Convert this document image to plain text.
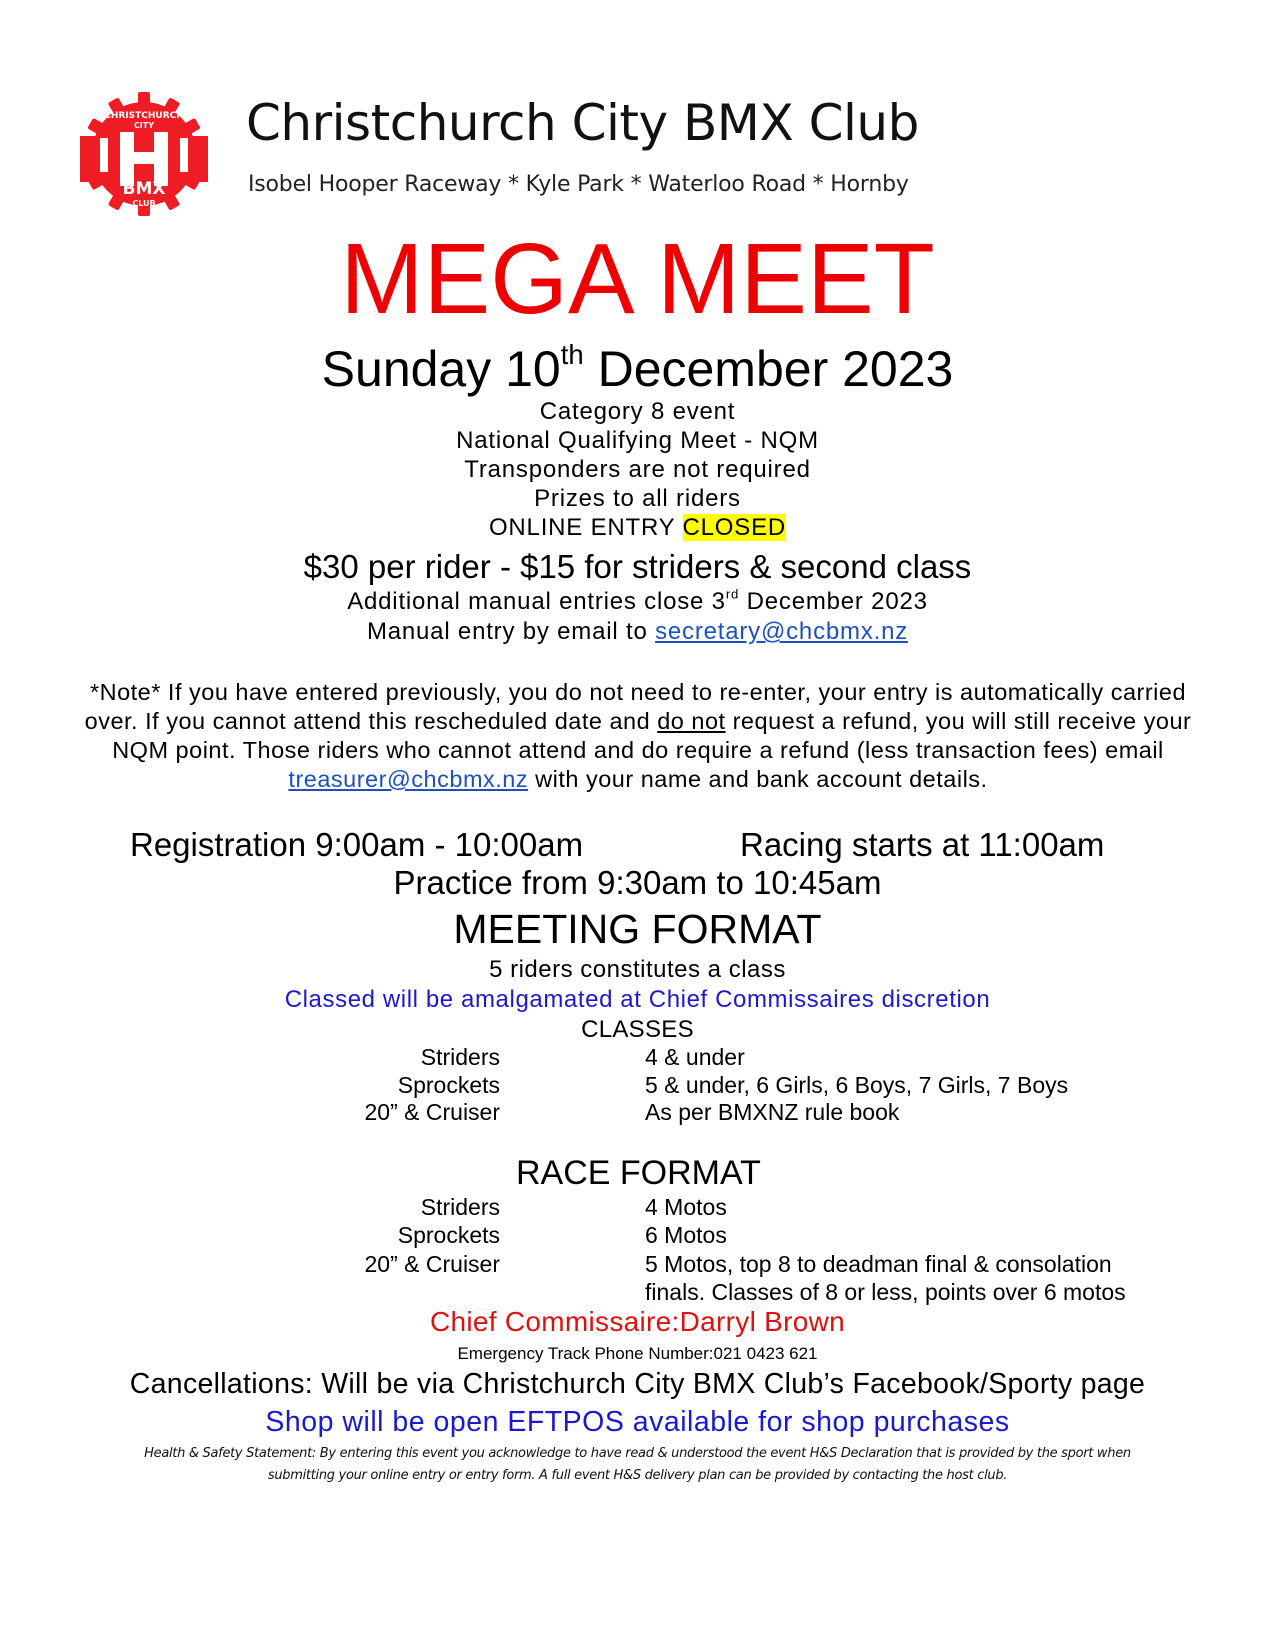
CHRISTCHURCH
CITY
BMX
CLUB
Christchurch City BMX Club
Isobel Hooper Raceway * Kyle Park * Waterloo Road * Hornby
MEGA MEET
Sunday 10th December 2023
Category 8 event
National Qualifying Meet - NQM
Transponders are not required
Prizes to all riders
ONLINE ENTRY CLOSED
$30 per rider - $15 for striders & second class
Additional manual entries close 3rd December 2023
Manual entry by email to secretary@chcbmx.nz
*Note* If you have entered previously, you do not need to re-enter, your entry is automatically carried over. If you cannot attend this rescheduled date and do not request a refund, you will still receive your NQM point. Those riders who cannot attend and do require a refund (less transaction fees) email treasurer@chcbmx.nz with your name and bank account details.
Registration 9:00am - 10:00am	Racing starts at 11:00am
Practice from 9:30am to 10:45am
MEETING FORMAT
5 riders constitutes a class
Classed will be amalgamated at Chief Commissaires discretion
CLASSES
Striders	4 & under
Sprockets	5 & under, 6 Girls, 6 Boys, 7 Girls, 7 Boys
20” & Cruiser	As per BMXNZ rule book
RACE FORMAT
Striders	4 Motos
Sprockets	6 Motos
20” & Cruiser	5 Motos, top 8 to deadman final & consolation
finals. Classes of 8 or less, points over 6 motos
Chief Commissaire:Darryl Brown
Emergency Track Phone Number:021 0423 621
Cancellations: Will be via Christchurch City BMX Club’s Facebook/Sporty page
Shop will be open EFTPOS available for shop purchases
Health & Safety Statement: By entering this event you acknowledge to have read & understood the event H&S Declaration that is provided by the sport when
submitting your online entry or entry form. A full event H&S delivery plan can be provided by contacting the host club.
